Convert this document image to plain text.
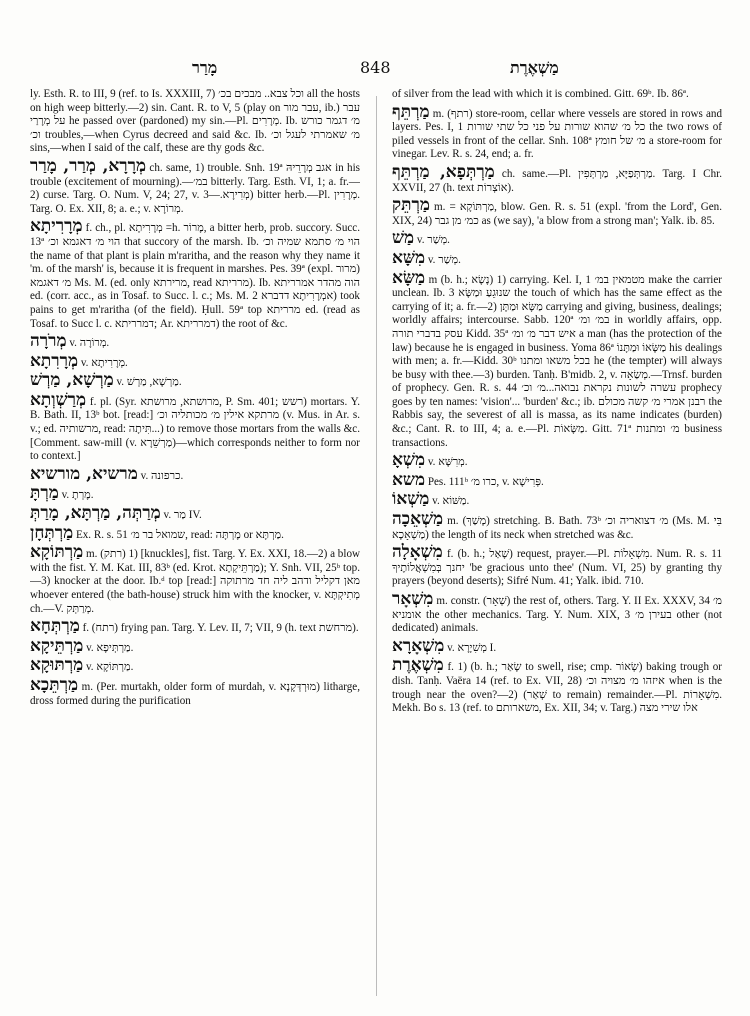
מָרַר	848	מַשְׁאֶרֶת

ly. Esth. R. to III, 9 (ref. to Is. XXXIII, 7) וכל צבא.. מבכים בכ׳ all the hosts on high weep bitterly.—2) sin. Cant. R. to V, 5 (play on עבר מור, ib.) עבר על מְרָרַי he passed over (pardoned) my sin.—Pl. מְרָרִים. Ib. מ׳ דגמר כורש וכ׳ troubles,—when Cyrus decreed and said &c. Ib. מ׳ שאמרתי לעגל וכ׳ sins,—when I said of the calf, these are thy gods &c.

מְרָרָא, מְרַר, מָרַר ch. same, 1) trouble. Snh. 19ª אגב מְרָרֵיהּ in his trouble (excitement of mourning).—במ׳ bitterly. Targ. Esth. VI, 1; a. fr.—2) curse. Targ. O. Num. V, 24; 27, v. מְרִירָא.—3) bitter herb.—Pl. מְרָרִין. Targ. O. Ex. XII, 8; a. e.; v. מְרוֹרָא.

מְרָרִיתָא f. ch., pl. מְרָרִיתָא =h. מָרוֹר, a bitter herb, prob. succory. Succ. 13ª הוי מ׳ דאגמא וכ׳ that succory of the marsh. Ib. הוי מ׳ סתמא שמיה וכ׳ the name of that plant is plain m'raritha, and the reason why they name it 'm. of the marsh' is, because it is frequent in marshes. Pes. 39ª (expl. מרור) מ׳ דאגמא Ms. M. (ed. only מרירתא, read מרריתא). Ib. הוה מהדר אמרריתא ed. (corr. acc., as in Tosaf. to Succ. l. c.; Ms. M. 2 אמְרָרִיתָא דדברא) took pains to get m'raritha (of the field). Ḥull. 59ª top מרריתא ed. (read as Tosaf. to Succ l. c. דמרריתא; Ar. דמרריתא) the root of &c.

מְרֹרָה v. מְרוֹרָה.

מְרָרִתָא v. מְרָרִיתָא.

מַרְשָׁא, מַרְשׁ v. מַרְשָׁא, מַרְשׁ.

מְרַשְׁוְתָא f. pl. (Syr. מרושתא, מרושתא, P. Sm. 401; רשש) mortars. Y. B. Bath. II, 13ᵇ bot. [read:] מרתקא אילין מ׳ מכותליה וכ׳ (v. Mus. in Ar. s. v.; ed. מרשותיה, read: תִּיתָה...) to remove those mortars from the walls &c. [Comment. saw-mill (v. מַרְשֵׁרָא)—which corresponds neither to form nor to context.]

מרשיא, מורשיא v. כרפונה.

מַרְתָּ v. מָרְתָ.

מְרַתְּה, מַרְתָּא, מָרַתְּ v. מַר IV.

מַרְתְּחָן Ex. R. s. 51 שמואל בר מ׳, read: מָרְתָּה or מַרְתָּא.

מַרְתּוֹקָא m. (רתק) 1) [knuckles], fist. Targ. Y. Ex. XXI, 18.—2) a blow with the fist. Y. M. Kat. III, 83ᵇ (ed. Krot. מַרְתֵּיקְתָא); Y. Snh. VII, 25ᵇ top.—3) knocker at the door. Ib.ᵈ top [read:] מאן דקליל ודהב ליה חד מרתוקה whoever entered (the bath-house) struck him with the knocker, v. מְתִיקְתָּא ch.—V. מְרַתְּק.

מַרְתְּחָא f. (רתח) frying pan. Targ. Y. Lev. II, 7; VII, 9 (h. text מרחשת).

מַרְתֵּיקָא v. מַרְתְּיפָא.

מַרְתּוּקָא v. מַרְתּוֹקָא.

מַרְתֵּכָא m. (Per. murtakh, older form of murdah, v. מוּרְדְּקָנָא) litharge, dross formed during the purification

of silver from the lead with which it is combined. Gitt. 69ᵇ. Ib. 86ª.

מַרְתֵּף m. (רתף) store-room, cellar where vessels are stored in rows and layers. Pes. I, 1 כל מ׳ שהוא שורות על פני כל שתי שורות the two rows of piled vessels in front of the cellar. Snh. 108ª מ׳ של חומץ a store-room for vinegar. Lev. R. s. 24, end; a. fr.

מַרְתְּפָא, מַרְתֵּף ch. same.—Pl. מַרְתְּפַיָּא, מַרְתְּפִין. Targ. I Chr. XXVII, 27 (h. text אוֹצְרוֹת).

מַרְתֵּק m. = מַרְתּוֹקָא, blow. Gen. R. s. 51 (expl. 'from the Lord', Gen. XIX, 24) כמ׳ מן גבר as (we say), 'a blow from a strong man'; Yalk. ib. 85.

מַשׁ v. מְשַׁר.

מִשָּׁא v. מְשַׁר.

מַשָּׂא m (b. h.; נָשָׂא) 1) carrying. Kel. I, 1 מטמאין במ׳ make the carrier unclean. Ib. 3 שנוּגֵעַ וּמַשָּׂא the touch of which has the same effect as the carrying of it; a. fr.—2) מַשָּׂא וּמַתָּן carrying and giving, business, dealings; worldly affairs; intercourse. Sabb. 120ª במ׳ ומ׳ in worldly affairs, opp. עסק בדברי תורה Kidd. 35ª איש דבר מ׳ ומ׳ a man (has the protection of the law) because he is engaged in business. Yoma 86ª מַשָּׂאוֹ וּמַתָּנוֹ his dealings with men; a. fr.—Kidd. 30ᵇ בכל משאו ומתנו he (the tempter) will always be busy with thee.—3) burden. Tanḥ. B'midb. 2, v. מְשַׂאָה.—Trnsf. burden of prophecy. Gen. R. s. 44 עשרה לשונות נקראת נבואה...מ׳ וכ׳ prophecy goes by ten names: 'vision'... 'burden' &c.; ib. רבנן אמרי מ׳ קשה מכולם the Rabbis say, the severest of all is massa, as its name indicates (burden) &c.; Cant. R. to III, 4; a. e.—Pl. מַשָּׂאוֹת. Gitt. 71ª מ׳ ומתנות business transactions.

מִשְׁאָ v. מְרִשָּׁא.

משא Pes. 111ᵇ כרו מ׳, v. פְּרִישָׁא.

מַשְׁאוֹ v. מַשּׁוֹא.

מַשְׁאֵכָה m. (מָשַׁךְ) stretching. B. Bath. 73ᵇ מ׳ דצואריה וכ׳ (Ms. M. בִּי מַשְׁאָכָא) the length of its neck when stretched was &c.

מִשְׁאָלָה f. (b. h.; שָׁאַל) request, prayer.—Pl. מִשְׁאָלוֹת. Num. R. s. 11 יחנך בְּמִשְׁאֲלוֹתֶיךָ 'be gracious unto thee' (Num. VI, 25) by granting thy prayers (beyond deserts); Sifré Num. 41; Yalk. ibid. 710.

מִשְׁאָר m. constr. (שְׁאָר) the rest of, others. Targ. Y. II Ex. XXXV, 34 מ׳ אומניא the other mechanics. Targ. Y. Num. XIX, 3 בעירן מ׳ other (not dedicated) animals.

מִשְׁאָרָא v. מְשִׁיָרָא I.

מִשְׁאֶרֶת f. 1) (b. h.; שָׂאַר to swell, rise; cmp. שְׂאוֹר) baking trough or dish. Tanḥ. Vaëra 14 (ref. to Ex. VII, 28) איזהו מ׳ מצויה וכ׳ when is the trough near the oven?—2) (שְׁאַר to remain) remainder.—Pl. מִשְׁאָרוֹת. Mekh. Bo s. 13 (ref. to משארותם, Ex. XII, 34; v. Targ.) אלו שירי מצה
